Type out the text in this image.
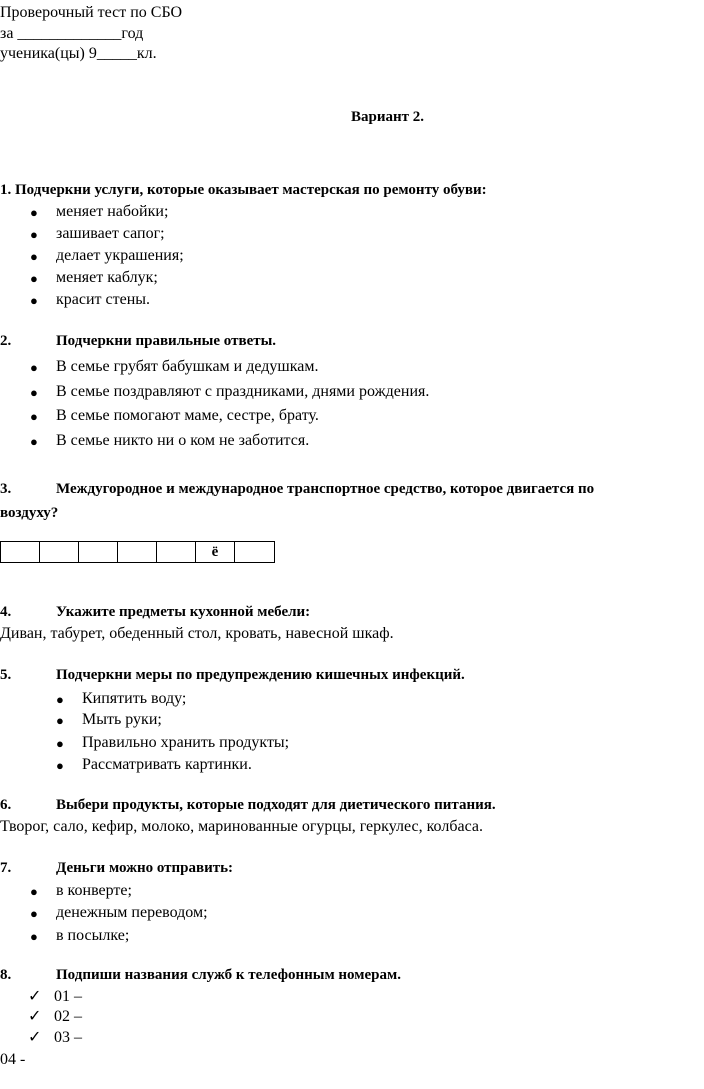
Проверочный тест по СБО
за _____________год
ученика(цы) 9_____кл.
Вариант 2.
1. Подчеркни услуги, которые оказывает мастерская по ремонту обуви:
● меняет набойки;
● зашивает сапог;
● делает украшения;
● меняет каблук;
● красит стены.
2.	Подчеркни правильные ответы.
● В семье грубят бабушкам и дедушкам.
● В семье поздравляют с праздниками, днями рождения.
● В семье помогают маме, сестре, брату.
● В семье никто ни о ком не заботится.
3.	Междугородное и международное транспортное средство, которое двигается по
воздуху?
ё
4.	Укажите предметы кухонной мебели:
Диван, табурет, обеденный стол, кровать, навесной шкаф.
5.	Подчеркни меры по предупреждению кишечных инфекций.
● Кипятить воду;
● Мыть руки;
● Правильно хранить продукты;
● Рассматривать картинки.
6.	Выбери продукты, которые подходят для диетического питания.
Творог, сало, кефир, молоко, маринованные огурцы, геркулес, колбаса.
7.	Деньги можно отправить:
● в конверте;
● денежным переводом;
● в посылке;
8.	Подпиши названия служб к телефонным номерам.
✓ 01 –
✓ 02 –
✓ 03 –
04 -
